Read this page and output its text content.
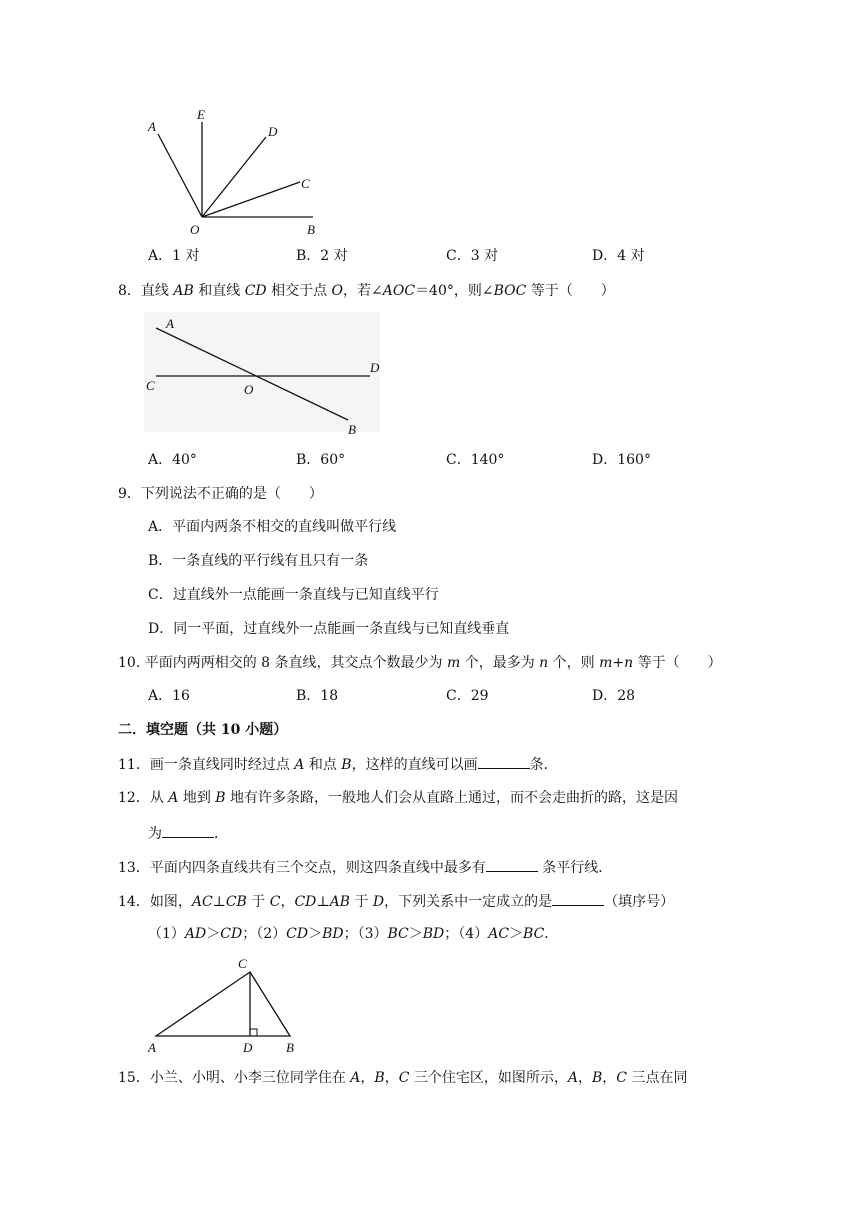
A
E
D
C
O	B
A．1 对	B．2 对	C．3 对	D．4 对
8．直线 AB 和直线 CD 相交于点 O，若∠AOC＝40°，则∠BOC 等于（　　）
A
C	O
D
B
A．40°	B．60°	C．140°	D．160°
9．下列说法不正确的是（　　）
A．平面内两条不相交的直线叫做平行线
B．一条直线的平行线有且只有一条
C．过直线外一点能画一条直线与已知直线平行
D．同一平面，过直线外一点能画一条直线与已知直线垂直
10. 平面内两两相交的 8 条直线，其交点个数最少为 m 个，最多为 n 个，则 m+n 等于（　　）
A．16	B．18	C．29	D．28
二．填空题（共 10 小题）
11．画一条直线同时经过点 A 和点 B，这样的直线可以画	条．
12．从 A 地到 B 地有许多条路，一般地人们会从直路上通过，而不会走曲折的路，这是因
为	．
13．平面内四条直线共有三个交点，则这四条直线中最多有	条平行线．
14．如图，AC⊥CB 于 C，CD⊥AB 于 D，下列关系中一定成立的是	（填序号）
（1）AD＞CD；（2）CD＞BD；（3）BC＞BD；（4）AC＞BC．
C
A	D	B
15．小兰、小明、小李三位同学住在 A，B，C 三个住宅区，如图所示，A，B，C 三点在同
